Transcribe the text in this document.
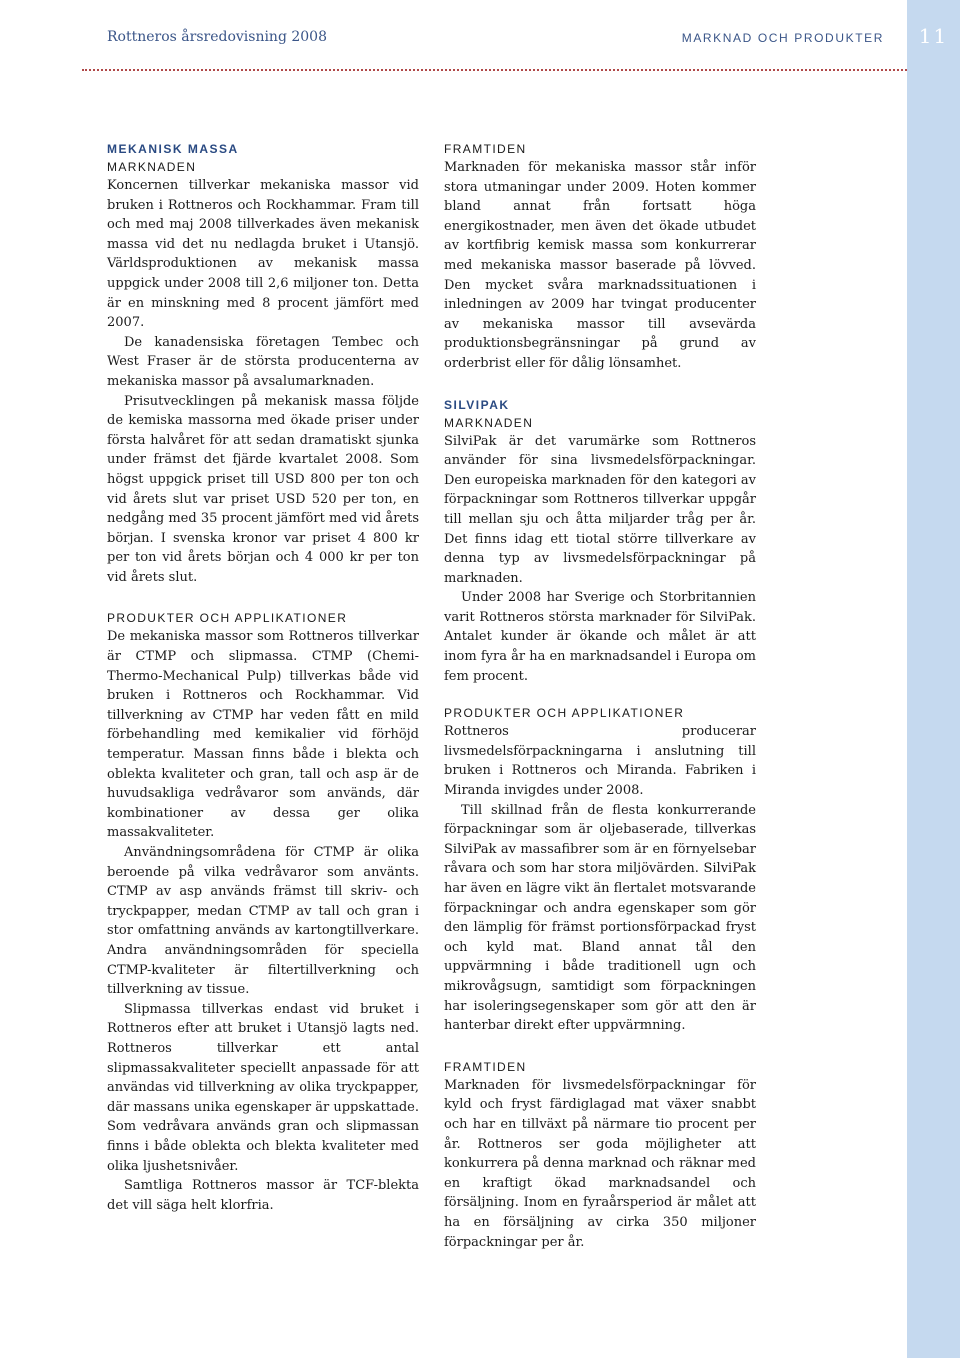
Rottneros årsredovisning 2008	MARKNAD OCH PRODUKTER	11
MEKANISK MASSA
MARKNADEN

Koncernen tillverkar mekaniska massor vid bruken i Rottneros och Rockhammar. Fram till och med maj 2008 tillverkades även mekanisk massa vid det nu nedlagda bruket i Utansjö. Världsproduktionen av mekanisk massa uppgick under 2008 till 2,6 miljoner ton. Detta är en minskning med 8 procent jämfört med 2007.

De kanadensiska företagen Tembec och West Fraser är de största producenterna av mekaniska massor på avsalumarknaden.

Prisutvecklingen på mekanisk massa följde de kemiska massorna med ökade priser under första halvåret för att sedan dramatiskt sjunka under främst det fjärde kvartalet 2008. Som högst uppgick priset till USD 800 per ton och vid årets slut var priset USD 520 per ton, en nedgång med 35 procent jämfört med vid årets början. I svenska kronor var priset 4 800 kr per ton vid årets början och 4 000 kr per ton vid årets slut.

PRODUKTER OCH APPLIKATIONER

De mekaniska massor som Rottneros tillverkar är CTMP och slipmassa. CTMP (Chemi-Thermo-Mechanical Pulp) tillverkas både vid bruken i Rottneros och Rockhammar. Vid tillverkning av CTMP har veden fått en mild förbehandling med kemikalier vid förhöjd temperatur. Massan finns både i blekta och oblekta kvaliteter och gran, tall och asp är de huvudsakliga vedråvaror som används, där kombinationer av dessa ger olika massakvaliteter.

Användningsområdena för CTMP är olika beroende på vilka vedråvaror som använts. CTMP av asp används främst till skriv- och tryckpapper, medan CTMP av tall och gran i stor omfattning används av kartongtillverkare. Andra användningsområden för speciella CTMP-kvaliteter är filtertillverkning och tillverkning av tissue.

Slipmassa tillverkas endast vid bruket i Rottneros efter att bruket i Utansjö lagts ned. Rottneros tillverkar ett antal slipmassakvaliteter speciellt anpassade för att användas vid tillverkning av olika tryckpapper, där massans unika egenskaper är uppskattade. Som vedråvara används gran och slipmassan finns i både oblekta och blekta kvaliteter med olika ljushetsnivåer.

Samtliga Rottneros massor är TCF-blekta det vill säga helt klorfria.

FRAMTIDEN

Marknaden för mekaniska massor står inför stora utmaningar under 2009. Hoten kommer bland annat från fortsatt höga energikostnader, men även det ökade utbudet av kortfibrig kemisk massa som konkurrerar med mekaniska massor baserade på lövved. Den mycket svåra marknadssituationen i inledningen av 2009 har tvingat producenter av mekaniska massor till avsevärda produktionsbegränsningar på grund av orderbrist eller för dålig lönsamhet.

SILVIPAK
MARKNADEN

SilviPak är det varumärke som Rottneros använder för sina livsmedelsförpackningar. Den europeiska marknaden för den kategori av förpackningar som Rottneros tillverkar uppgår till mellan sju och åtta miljarder tråg per år. Det finns idag ett tiotal större tillverkare av denna typ av livsmedelsförpackningar på marknaden.

Under 2008 har Sverige och Storbritannien varit Rottneros största marknader för SilviPak. Antalet kunder är ökande och målet är att inom fyra år ha en marknadsandel i Europa om fem procent.

PRODUKTER OCH APPLIKATIONER

Rottneros producerar livsmedelsförpackningarna i anslutning till bruken i Rottneros och Miranda. Fabriken i Miranda invigdes under 2008.

Till skillnad från de flesta konkurrerande förpackningar som är oljebaserade, tillverkas SilviPak av massafibrer som är en förnyelsebar råvara och som har stora miljövärden. SilviPak har även en lägre vikt än flertalet motsvarande förpackningar och andra egenskaper som gör den lämplig för främst portionsförpackad fryst och kyld mat. Bland annat tål den uppvärmning i både traditionell ugn och mikrovågsugn, samtidigt som förpackningen har isoleringsegenskaper som gör att den är hanterbar direkt efter uppvärmning.

FRAMTIDEN

Marknaden för livsmedelsförpackningar för kyld och fryst färdiglagad mat växer snabbt och har en tillväxt på närmare tio procent per år. Rottneros ser goda möjligheter att konkurrera på denna marknad och räknar med en kraftigt ökad marknadsandel och försäljning. Inom en fyraårsperiod är målet att ha en försäljning av cirka 350 miljoner förpackningar per år.
